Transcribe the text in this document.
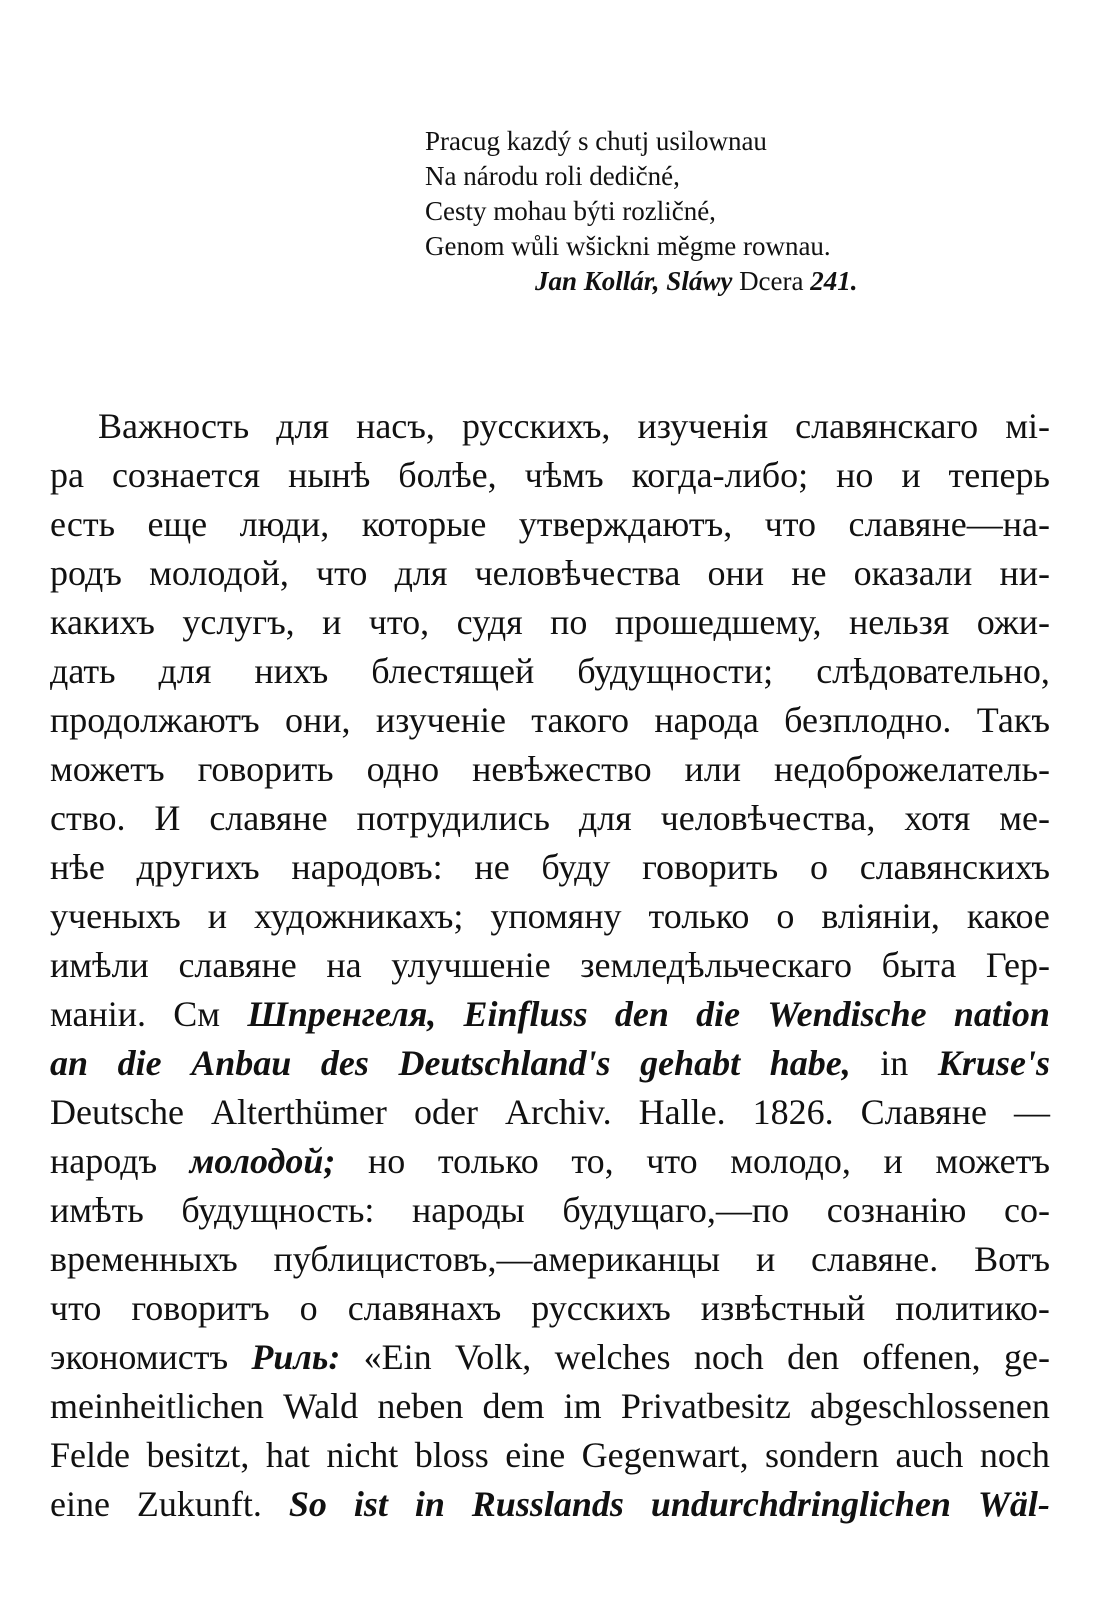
Pracug kazdý s chutj usilownau
Na národu roli dedičné,
Cesty mohau býti rozličné,
Genom wůli wšickni měgme rownau.
Jan Kollár, Sláwy Dcera 241.
Важность для насъ, русскихъ, изученія славянскаго мі-
ра сознается нынѣ болѣе, чѣмъ когда-либо; но и теперь
есть еще люди, которые утверждаютъ, что славяне—на-
родъ молодой, что для человѣчества они не оказали ни-
какихъ услугъ, и что, судя по прошедшему, нельзя ожи-
дать для нихъ блестящей будущности; слѣдовательно,
продолжаютъ они, изученіе такого народа безплодно. Такъ
можетъ говорить одно невѣжество или недоброжелатель-
ство. И славяне потрудились для человѣчества, хотя ме-
нѣе другихъ народовъ: не буду говорить о славянскихъ
ученыхъ и художникахъ; упомяну только о вліяніи, какое
имѣли славяне на улучшеніе земледѣльческаго быта Гер-
маніи. См Шпренгеля, Einfluss den die Wendische nation
an die Anbau des Deutschland's gehabt habe, in Kruse's
Deutsche Alterthümer oder Archiv. Halle. 1826. Славяне —
народъ молодой; но только то, что молодо, и можетъ
имѣть будущность: народы будущаго,—по сознанію со-
временныхъ публицистовъ,—американцы и славяне. Вотъ
что говоритъ о славянахъ русскихъ извѣстный политико-
экономистъ Риль: «Ein Volk, welches noch den offenen, ge-
meinheitlichen Wald neben dem im Privatbesitz abgeschlossenen
Felde besitzt, hat nicht bloss eine Gegenwart, sondern auch noch
eine Zukunft. So ist in Russlands undurchdringlichen Wäl-
